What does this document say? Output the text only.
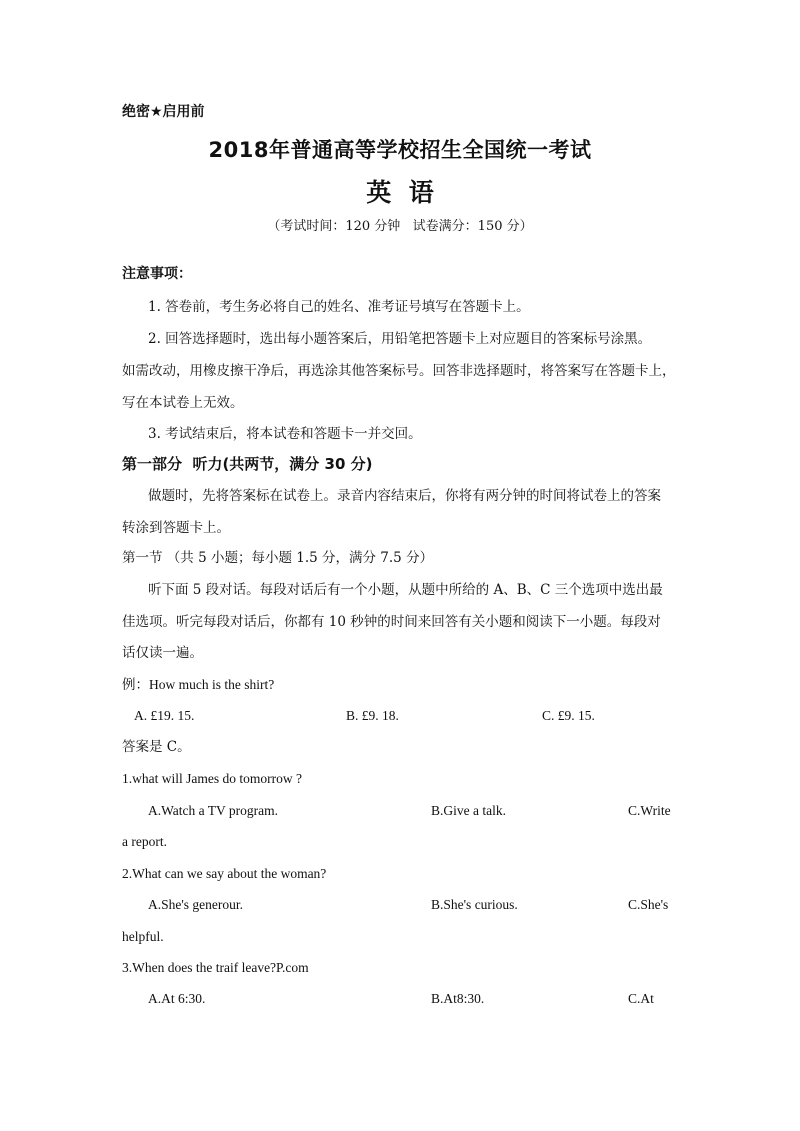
绝密★启用前
2018年普通高等学校招生全国统一考试
英  语
（考试时间：120 分钟   试卷满分：150 分）
注意事项：
1. 答卷前，考生务必将自己的姓名、准考证号填写在答题卡上。
2. 回答选择题时，选出每小题答案后，用铅笔把答题卡上对应题目的答案标号涂黑。
如需改动，用橡皮擦干净后，再选涂其他答案标号。回答非选择题时，将答案写在答题卡上，
写在本试卷上无效。
3. 考试结束后，将本试卷和答题卡一并交回。
第一部分  听力(共两节，满分 30 分)
做题时，先将答案标在试卷上。录音内容结束后，你将有两分钟的时间将试卷上的答案
转涂到答题卡上。
第一节 （共 5 小题；每小题 1.5 分，满分 7.5 分）
听下面 5 段对话。每段对话后有一个小题，从题中所给的 A、B、C 三个选项中选出最
佳选项。听完每段对话后，你都有 10 秒钟的时间来回答有关小题和阅读下一小题。每段对
话仅读一遍。
例：How much is the shirt?
A. £19. 15.	B. £9. 18.	C. £9. 15.
答案是 C。
1.what will James do tomorrow ?
A.Watch a TV program.	B.Give a talk.	C.Write
a report.
2.What can we say about the woman?
A.She's generour.	B.She's curious.	C.She's
helpful.
3.When does the traif leave?P.com
A.At 6:30.	B.At8:30.	C.At
